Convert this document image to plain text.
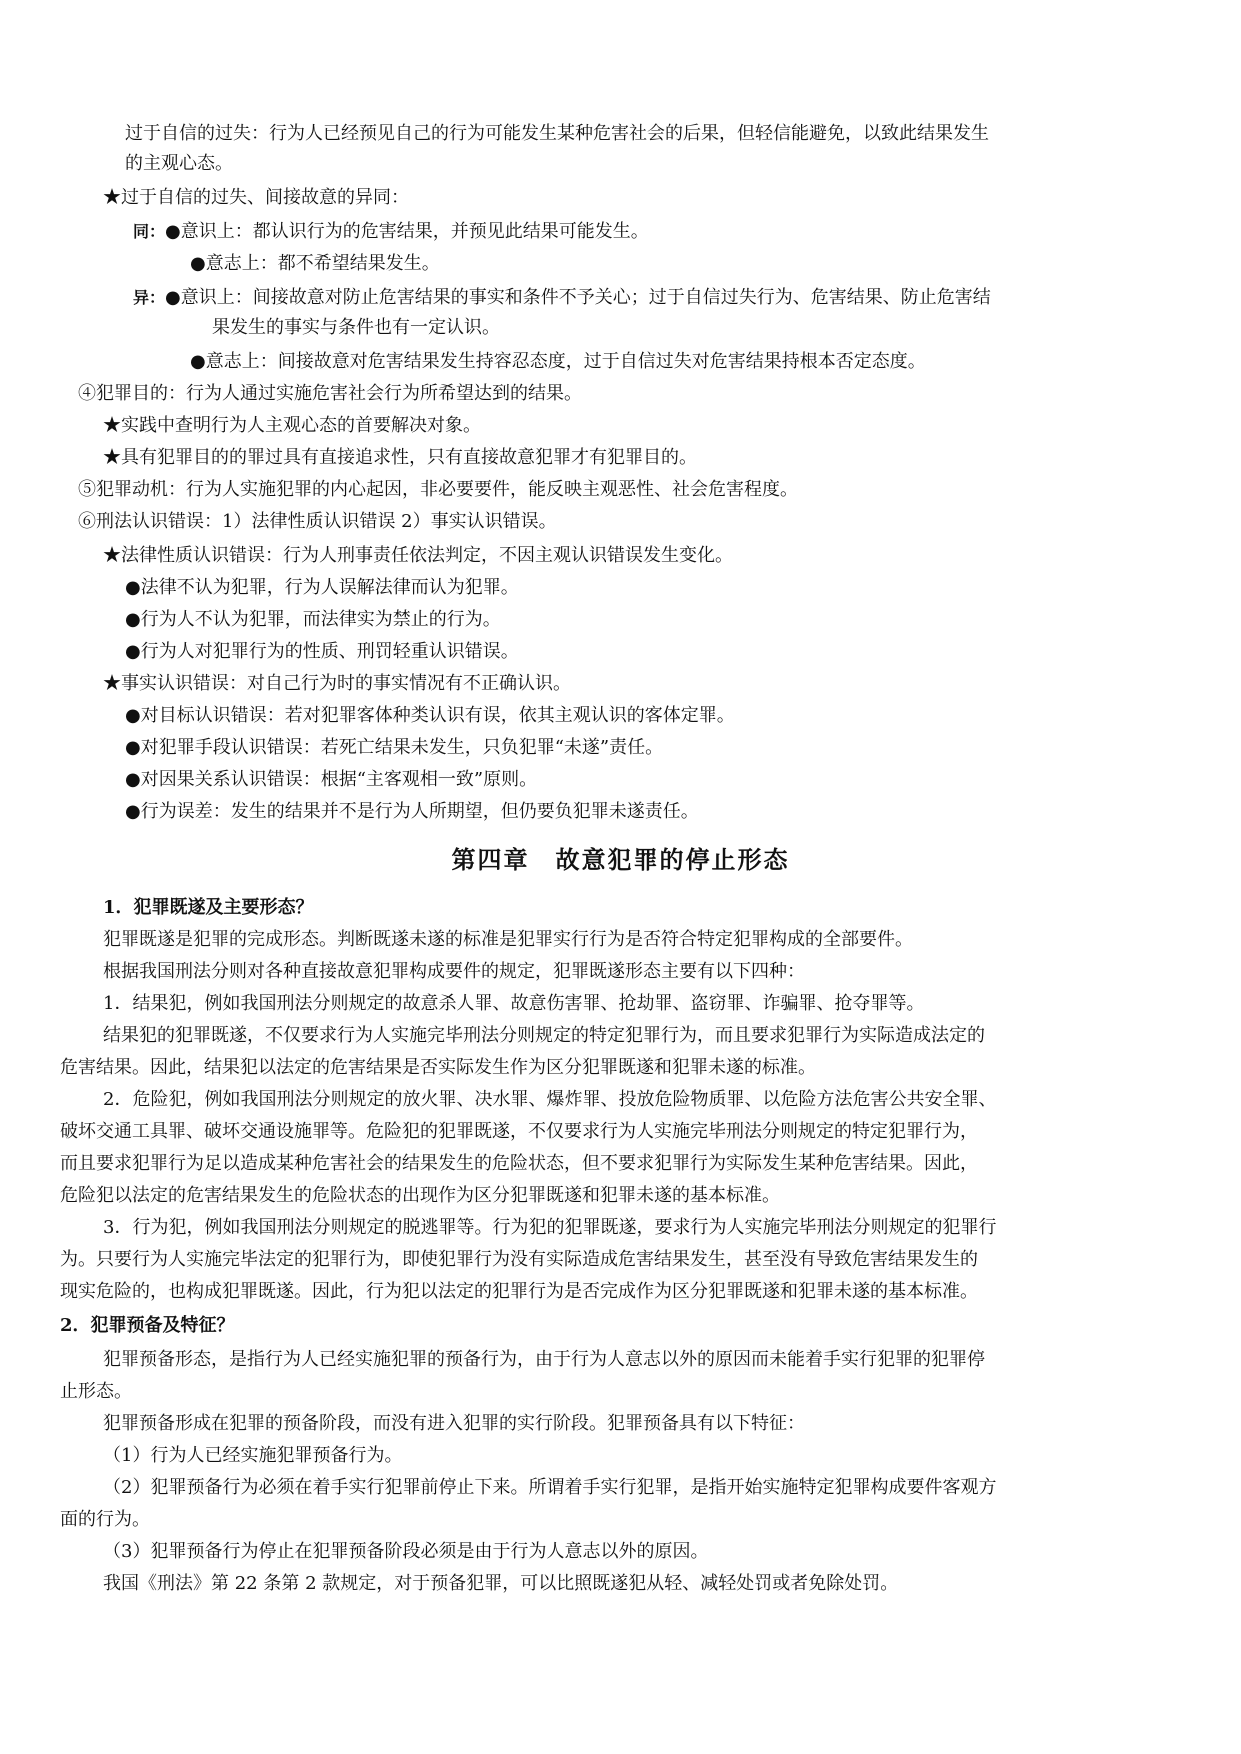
过于自信的过失：行为人已经预见自己的行为可能发生某种危害社会的后果，但轻信能避免，以致此结果发生
的主观心态。
★过于自信的过失、间接故意的异同：
同：●意识上：都认识行为的危害结果，并预见此结果可能发生。
●意志上：都不希望结果发生。
异：●意识上：间接故意对防止危害结果的事实和条件不予关心；过于自信过失行为、危害结果、防止危害结
果发生的事实与条件也有一定认识。
●意志上：间接故意对危害结果发生持容忍态度，过于自信过失对危害结果持根本否定态度。
④犯罪目的：行为人通过实施危害社会行为所希望达到的结果。
★实践中查明行为人主观心态的首要解决对象。
★具有犯罪目的的罪过具有直接追求性，只有直接故意犯罪才有犯罪目的。
⑤犯罪动机：行为人实施犯罪的内心起因，非必要要件，能反映主观恶性、社会危害程度。
⑥刑法认识错误：1）法律性质认识错误 2）事实认识错误。
★法律性质认识错误：行为人刑事责任依法判定，不因主观认识错误发生变化。
●法律不认为犯罪，行为人误解法律而认为犯罪。
●行为人不认为犯罪，而法律实为禁止的行为。
●行为人对犯罪行为的性质、刑罚轻重认识错误。
★事实认识错误：对自己行为时的事实情况有不正确认识。
●对目标认识错误：若对犯罪客体种类认识有误，依其主观认识的客体定罪。
●对犯罪手段认识错误：若死亡结果未发生，只负犯罪“未遂”责任。
●对因果关系认识错误：根据“主客观相一致”原则。
●行为误差：发生的结果并不是行为人所期望，但仍要负犯罪未遂责任。
第四章　故意犯罪的停止形态
1．犯罪既遂及主要形态？
犯罪既遂是犯罪的完成形态。判断既遂未遂的标准是犯罪实行行为是否符合特定犯罪构成的全部要件。
根据我国刑法分则对各种直接故意犯罪构成要件的规定，犯罪既遂形态主要有以下四种：
1．结果犯，例如我国刑法分则规定的故意杀人罪、故意伤害罪、抢劫罪、盗窃罪、诈骗罪、抢夺罪等。
结果犯的犯罪既遂，不仅要求行为人实施完毕刑法分则规定的特定犯罪行为，而且要求犯罪行为实际造成法定的
危害结果。因此，结果犯以法定的危害结果是否实际发生作为区分犯罪既遂和犯罪未遂的标准。
2．危险犯，例如我国刑法分则规定的放火罪、决水罪、爆炸罪、投放危险物质罪、以危险方法危害公共安全罪、
破坏交通工具罪、破坏交通设施罪等。危险犯的犯罪既遂，不仅要求行为人实施完毕刑法分则规定的特定犯罪行为，
而且要求犯罪行为足以造成某种危害社会的结果发生的危险状态，但不要求犯罪行为实际发生某种危害结果。因此，
危险犯以法定的危害结果发生的危险状态的出现作为区分犯罪既遂和犯罪未遂的基本标准。
3．行为犯，例如我国刑法分则规定的脱逃罪等。行为犯的犯罪既遂，要求行为人实施完毕刑法分则规定的犯罪行
为。只要行为人实施完毕法定的犯罪行为，即使犯罪行为没有实际造成危害结果发生，甚至没有导致危害结果发生的
现实危险的，也构成犯罪既遂。因此，行为犯以法定的犯罪行为是否完成作为区分犯罪既遂和犯罪未遂的基本标准。
2．犯罪预备及特征？
犯罪预备形态，是指行为人已经实施犯罪的预备行为，由于行为人意志以外的原因而未能着手实行犯罪的犯罪停
止形态。
犯罪预备形成在犯罪的预备阶段，而没有进入犯罪的实行阶段。犯罪预备具有以下特征：
（1）行为人已经实施犯罪预备行为。
（2）犯罪预备行为必须在着手实行犯罪前停止下来。所谓着手实行犯罪，是指开始实施特定犯罪构成要件客观方
面的行为。
（3）犯罪预备行为停止在犯罪预备阶段必须是由于行为人意志以外的原因。
我国《刑法》第 22 条第 2 款规定，对于预备犯罪，可以比照既遂犯从轻、减轻处罚或者免除处罚。
